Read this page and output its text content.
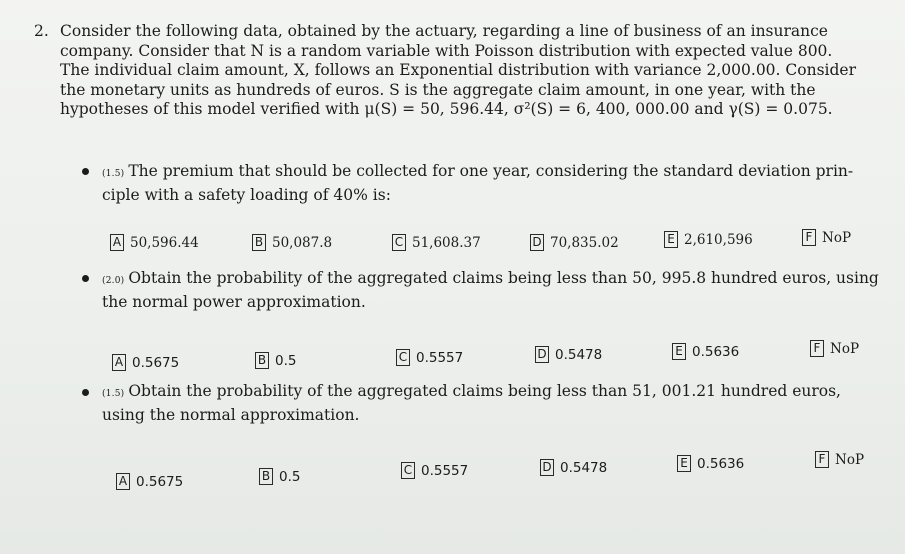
2. Consider the following data, obtained by the actuary, regarding a line of business of an insurance
company. Consider that N is a random variable with Poisson distribution with expected value 800.
The individual claim amount, X, follows an Exponential distribution with variance 2,000.00. Consider
the monetary units as hundreds of euros. S is the aggregate claim amount, in one year, with the
hypotheses of this model verified with μ(S) = 50, 596.44, σ²(S) = 6, 400, 000.00 and γ(S) = 0.075.
(1.5) The premium that should be collected for one year, considering the standard deviation prin-
ciple with a safety loading of 40% is:
A 50,596.44	B 50,087.8	C 51,608.37	D 70,835.02	E 2,610,596	F NoP
(2.0) Obtain the probability of the aggregated claims being less than 50, 995.8 hundred euros, using
the normal power approximation.
A 0.5675	B 0.5	C 0.5557	D 0.5478	E 0.5636	F NoP
(1.5) Obtain the probability of the aggregated claims being less than 51, 001.21 hundred euros,
using the normal approximation.
A 0.5675	B 0.5	C 0.5557	D 0.5478	E 0.5636	F NoP
